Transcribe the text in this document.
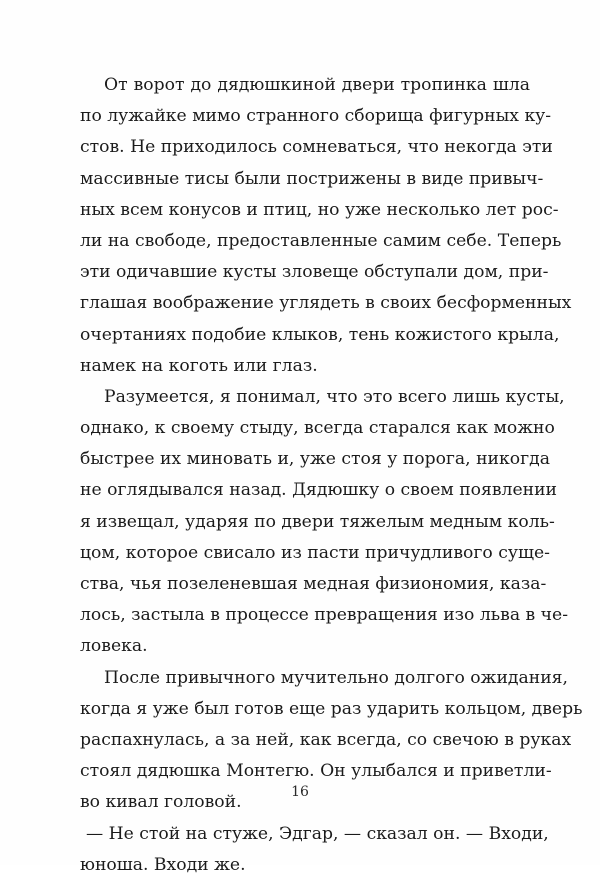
От ворот до дядюшкиной двери тропинка шла
по лужайке мимо странного сборища фигурных ку-
стов. Не приходилось сомневаться, что некогда эти
массивные тисы были пострижены в виде привыч-
ных всем конусов и птиц, но уже несколько лет рос-
ли на свободе, предоставленные самим себе. Теперь
эти одичавшие кусты зловеще обступали дом, при-
глашая воображение углядеть в своих бесформенных
очертаниях подобие клыков, тень кожистого крыла,
намек на коготь или глаз.
Разумеется, я понимал, что это всего лишь кусты,
однако, к своему стыду, всегда старался как можно
быстрее их миновать и, уже стоя у порога, никогда
не оглядывался назад. Дядюшку о своем появлении
я извещал, ударяя по двери тяжелым медным коль-
цом, которое свисало из пасти причудливого суще-
ства, чья позеленевшая медная физиономия, каза-
лось, застыла в процессе превращения изо льва в че-
ловека.
После привычного мучительно долгого ожидания,
когда я уже был готов еще раз ударить кольцом, дверь
распахнулась, а за ней, как всегда, со свечою в руках
стоял дядюшка Монтегю. Он улыбался и приветли-
во кивал головой.
— Не стой на стуже, Эдгар, — сказал он. — Входи,
юноша. Входи же.
16
